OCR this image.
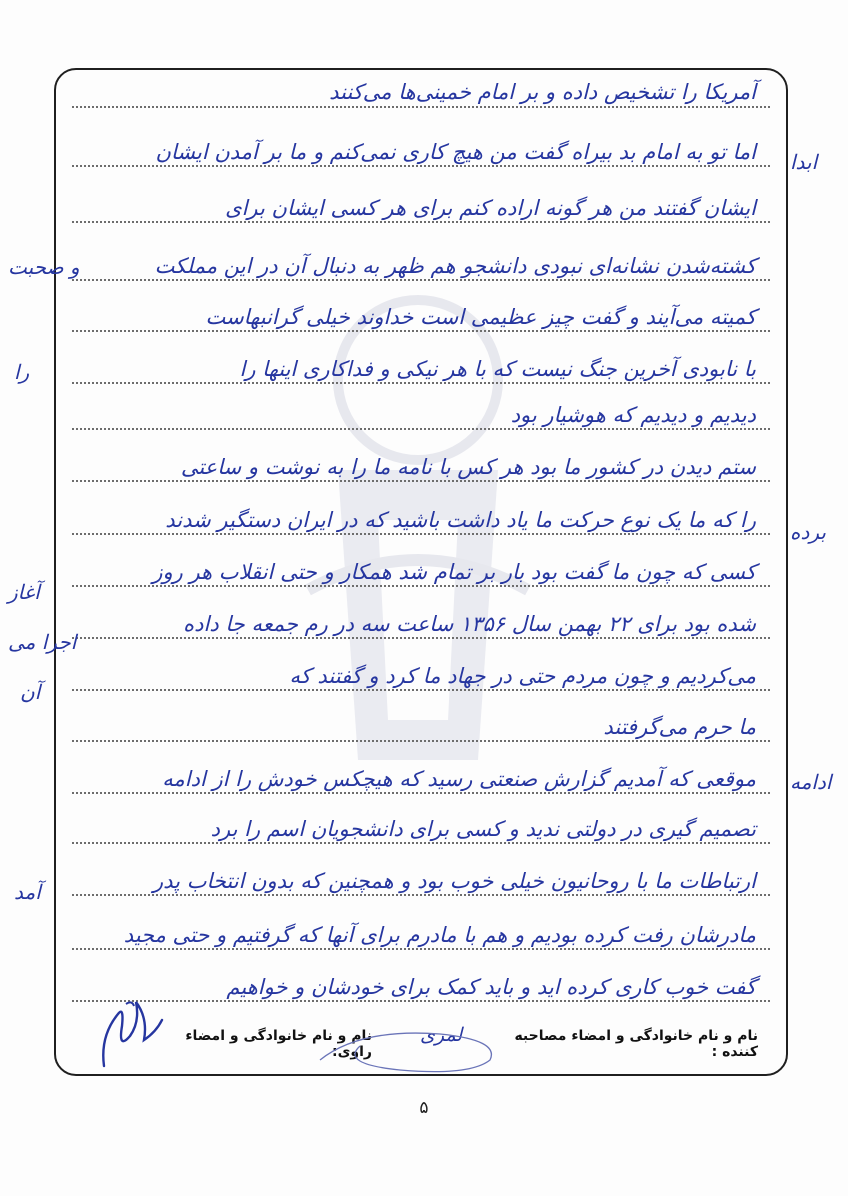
آمریکا را تشخیص داده و بر امام خمینی‌ها می‌کنند
اما تو به امام بد بیراه گفت من هیچ کاری نمی‌کنم و ما بر آمدن ایشان
ایشان گفتند من هر گونه اراده کنم برای هر کسی ایشان برای
کشته‌شدن نشانه‌ای نبودی دانشجو هم ظهر به دنبال آن در این مملکت
کمیته می‌آیند و گفت چیز عظیمی است خداوند خیلی گرانبهاست
با نابودی آخرین جنگ نیست که با هر نیکی و فداکاری اینها را
دیدیم و دیدیم که هوشیار بود
ستم دیدن در کشور ما بود هر کس با نامه ما را به نوشت و ساعتی
را که ما یک نوع حرکت ما یاد داشت باشید که در ایران دستگیر شدند
کسی که چون ما گفت بود بار بر تمام شد همکار و حتی انقلاب هر روز
شده بود برای ۲۲ بهمن سال ۱۳۵۶ ساعت سه در رم جمعه جا داده
می‌کردیم و چون مردم حتی در جهاد ما کرد و گفتند که
ما حرم می‌گرفتند
موقعی که آمدیم گزارش صنعتی رسید که هیچکس خودش را از ادامه
تصمیم گیری در دولتی ندید و کسی برای دانشجویان اسم را برد
ارتباطات ما با روحانیون خیلی خوب بود و همچنین که بدون انتخاب پدر
مادرشان رفت کرده بودیم و هم با مادرم برای آنها که گرفتیم و حتی مجید
گفت خوب کاری کرده اید و باید کمک برای خودشان و خواهیم
ابدا
و صحبت
را
برده
آغاز
اجرا می
آن
ادامه
آمد
نام و نام خانوادگی و امضاء راوی:
نام و نام خانوادگی و امضاء مصاحبه کننده :
لمری
۵
